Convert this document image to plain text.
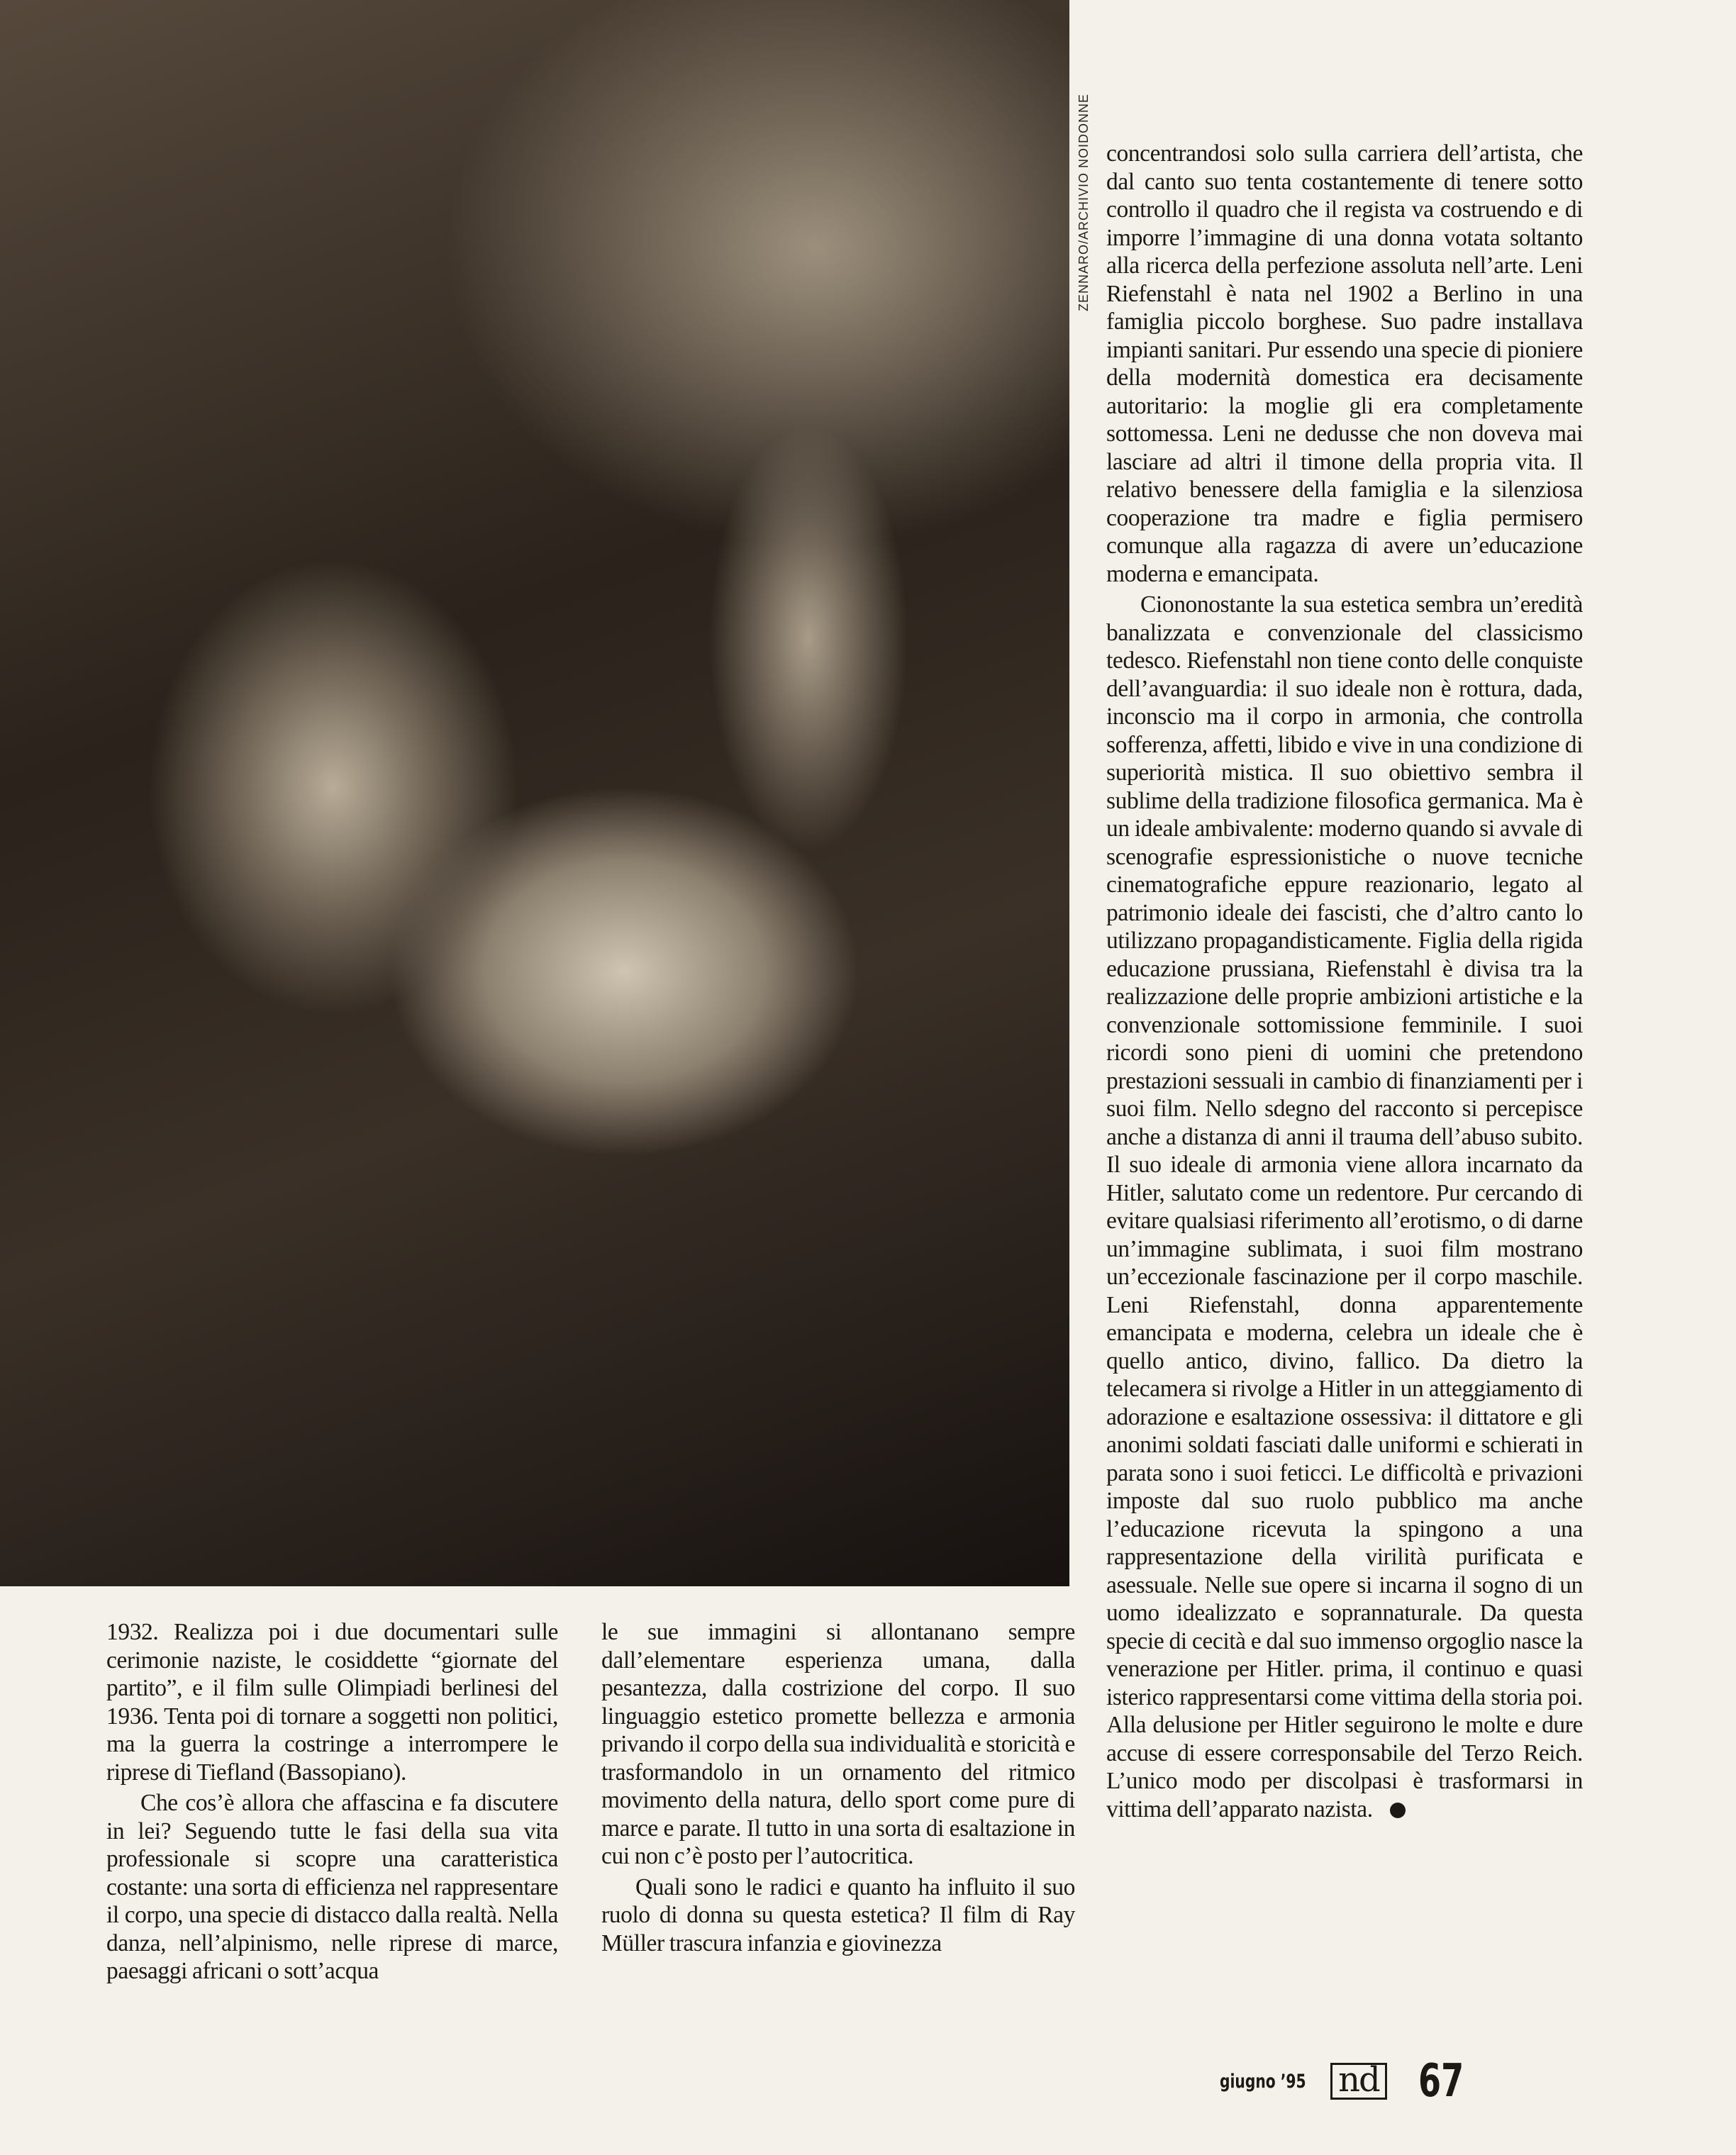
ZENNARO/ARCHIVIO NOIDONNE

1932. Realizza poi i due documentari sulle cerimonie naziste, le cosiddette “giornate del partito”, e il film sulle Olimpiadi berlinesi del 1936. Tenta poi di tornare a soggetti non politici, ma la guerra la costringe a interrompere le riprese di Tiefland (Bassopiano).

Che cos’è allora che affascina e fa discutere in lei? Seguendo tutte le fasi della sua vita professionale si scopre una caratteristica costante: una sorta di efficienza nel rappresentare il corpo, una specie di distacco dalla realtà. Nella danza, nell’alpinismo, nelle riprese di marce, paesaggi africani o sott’acqua

le sue immagini si allontanano sempre dall’elementare esperienza umana, dalla pesantezza, dalla costrizione del corpo. Il suo linguaggio estetico promette bellezza e armonia privando il corpo della sua individualità e storicità e trasformandolo in un ornamento del ritmico movimento della natura, dello sport come pure di marce e parate. Il tutto in una sorta di esaltazione in cui non c’è posto per l’autocritica.

Quali sono le radici e quanto ha influito il suo ruolo di donna su questa estetica? Il film di Ray Müller trascura infanzia e giovinezza

concentrandosi solo sulla carriera dell’artista, che dal canto suo tenta costantemente di tenere sotto controllo il quadro che il regista va costruendo e di imporre l’immagine di una donna votata soltanto alla ricerca della perfezione assoluta nell’arte. Leni Riefenstahl è nata nel 1902 a Berlino in una famiglia piccolo borghese. Suo padre installava impianti sanitari. Pur essendo una specie di pioniere della modernità domestica era decisamente autoritario: la moglie gli era completamente sottomessa. Leni ne dedusse che non doveva mai lasciare ad altri il timone della propria vita. Il relativo benessere della famiglia e la silenziosa cooperazione tra madre e figlia permisero comunque alla ragazza di avere un’educazione moderna e emancipata.

Ciononostante la sua estetica sembra un’eredità banalizzata e convenzionale del classicismo tedesco. Riefenstahl non tiene conto delle conquiste dell’avanguardia: il suo ideale non è rottura, dada, inconscio ma il corpo in armonia, che controlla sofferenza, affetti, libido e vive in una condizione di superiorità mistica. Il suo obiettivo sembra il sublime della tradizione filosofica germanica. Ma è un ideale ambivalente: moderno quando si avvale di scenografie espressionistiche o nuove tecniche cinematografiche eppure reazionario, legato al patrimonio ideale dei fascisti, che d’altro canto lo utilizzano propagandisticamente. Figlia della rigida educazione prussiana, Riefenstahl è divisa tra la realizzazione delle proprie ambizioni artistiche e la convenzionale sottomissione femminile. I suoi ricordi sono pieni di uomini che pretendono prestazioni sessuali in cambio di finanziamenti per i suoi film. Nello sdegno del racconto si percepisce anche a distanza di anni il trauma dell’abuso subito. Il suo ideale di armonia viene allora incarnato da Hitler, salutato come un redentore. Pur cercando di evitare qualsiasi riferimento all’erotismo, o di darne un’immagine sublimata, i suoi film mostrano un’eccezionale fascinazione per il corpo maschile. Leni Riefenstahl, donna apparentemente emancipata e moderna, celebra un ideale che è quello antico, divino, fallico. Da dietro la telecamera si rivolge a Hitler in un atteggiamento di adorazione e esaltazione ossessiva: il dittatore e gli anonimi soldati fasciati dalle uniformi e schierati in parata sono i suoi feticci. Le difficoltà e privazioni imposte dal suo ruolo pubblico ma anche l’educazione ricevuta la spingono a una rappresentazione della virilità purificata e asessuale. Nelle sue opere si incarna il sogno di un uomo idealizzato e soprannaturale. Da questa specie di cecità e dal suo immenso orgoglio nasce la venerazione per Hitler. prima, il continuo e quasi isterico rappresentarsi come vittima della storia poi. Alla delusione per Hitler seguirono le molte e dure accuse di essere corresponsabile del Terzo Reich. L’unico modo per discolpasi è trasformarsi in vittima dell’apparato nazista.

giugno ’95 nd 67
